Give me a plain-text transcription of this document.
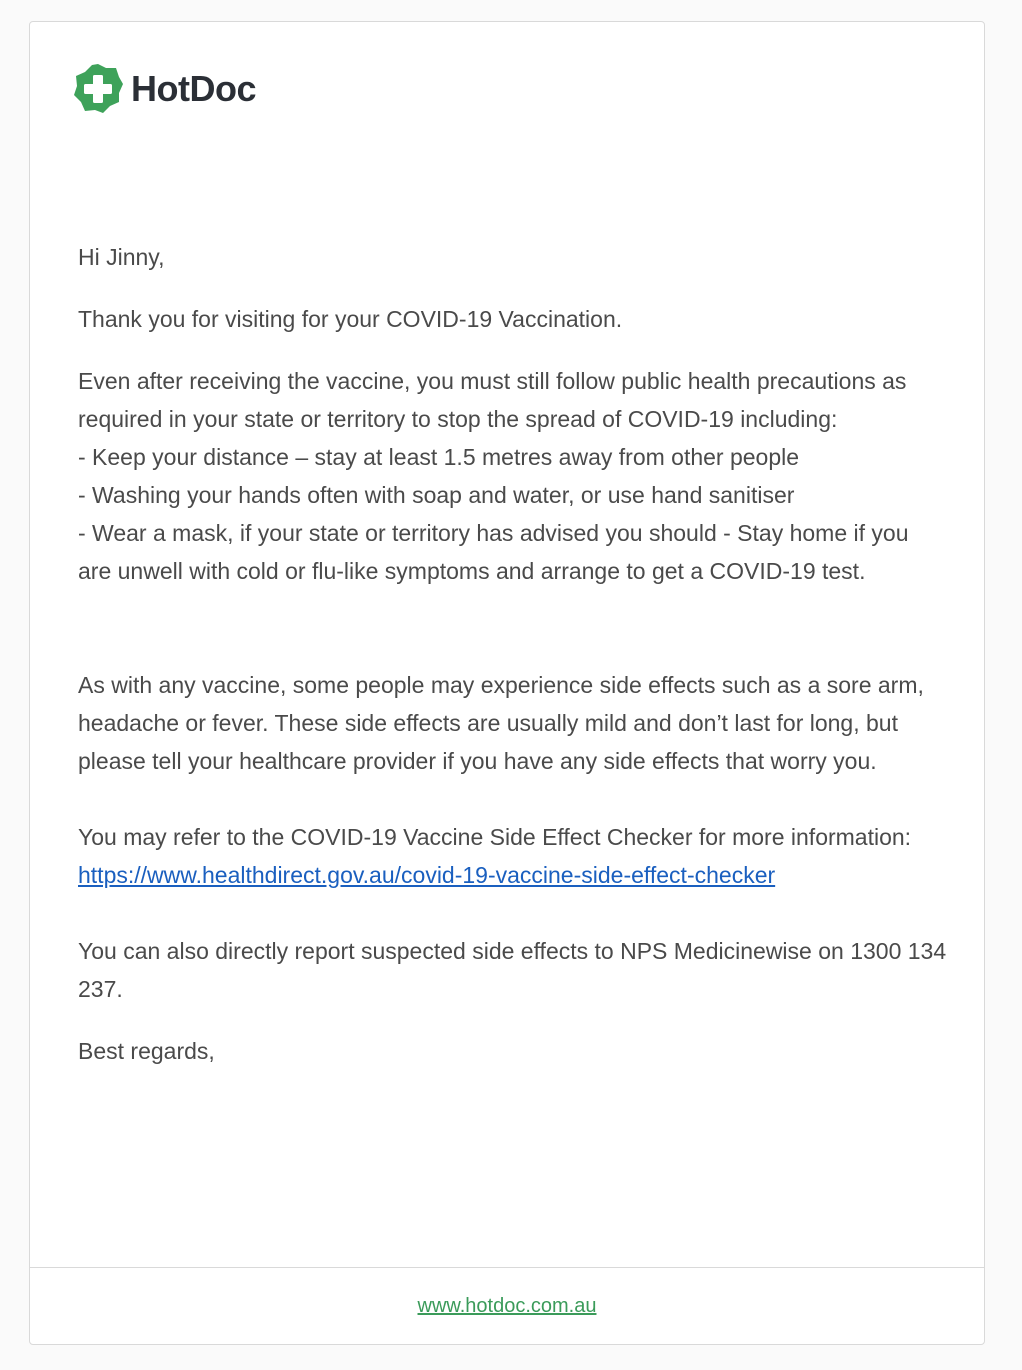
HotDoc

Hi Jinny,

Thank you for visiting for your COVID-19 Vaccination.

Even after receiving the vaccine, you must still follow public health precautions as required in your state or territory to stop the spread of COVID-19 including:

- Keep your distance – stay at least 1.5 metres away from other people

- Washing your hands often with soap and water, or use hand sanitiser

- Wear a mask, if your state or territory has advised you should - Stay home if you are unwell with cold or flu-like symptoms and arrange to get a COVID-19 test.

As with any vaccine, some people may experience side effects such as a sore arm, headache or fever. These side effects are usually mild and don’t last for long, but please tell your healthcare provider if you have any side effects that worry you.

You may refer to the COVID-19 Vaccine Side Effect Checker for more information: https://www.healthdirect.gov.au/covid-19-vaccine-side-effect-checker

You can also directly report suspected side effects to NPS Medicinewise on 1300 134 237.

Best regards,

www.hotdoc.com.au
